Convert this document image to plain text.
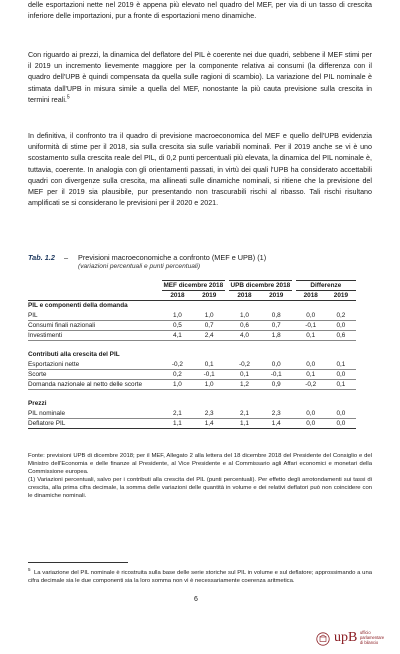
delle esportazioni nette nel 2019 è appena più elevato nel quadro del MEF, per via di un tasso di crescita inferiore delle importazioni, pur a fronte di esportazioni meno dinamiche.

Con riguardo ai prezzi, la dinamica del deflatore del PIL è coerente nei due quadri, sebbene il MEF stimi per il 2019 un incremento lievemente maggiore per la componente relativa ai consumi (la differenza con il quadro dell'UPB è quindi compensata da quella sulle ragioni di scambio). La variazione del PIL nominale è stimata dall'UPB in misura simile a quella del MEF, nonostante la più cauta previsione sulla crescita in termini reali.$^5$

In definitiva, il confronto tra il quadro di previsione macroeconomica del MEF e quello dell'UPB evidenzia uniformità di stime per il 2018, sia sulla crescita sia sulle variabili nominali. Per il 2019 anche se vi è uno scostamento sulla crescita reale del PIL, di 0,2 punti percentuali più elevata, la dinamica del PIL nominale è, tuttavia, coerente. In analogia con gli orientamenti passati, in virtù dei quali l'UPB ha considerato accettabili quadri con divergenze sulla crescita, ma allineati sulle dinamiche nominali, si ritiene che la previsione del MEF per il 2019 sia plausibile, pur presentando non trascurabili rischi al ribasso. Tali rischi risultano amplificati se si considerano le previsioni per il 2020 e 2021.

Tab. 1.2 – Previsioni macroeconomiche a confronto (MEF e UPB) (1)
(variazioni percentuali e punti percentuali)
	MEF dicembre 2018			UPB dicembre 2018			Differenze	
	2018	2019		2018	2019		2018	2019
PIL e componenti della domanda								
PIL	1,0	1,0		1,0	0,8		0,0	0,2
Consumi finali nazionali	0,5	0,7		0,6	0,7		-0,1	0,0
Investimenti	4,1	2,4		4,0	1,8		0,1	0,6

Contributi alla crescita del PIL								
Esportazioni nette	-0,2	0,1		-0,2	0,0		0,0	0,1
Scorte	0,2	-0,1		0,1	-0,1		0,1	0,0
Domanda nazionale al netto delle scorte	1,0	1,0		1,2	0,9		-0,2	0,1

Prezzi								
PIL nominale	2,1	2,3		2,1	2,3		0,0	0,0
Deflatore PIL	1,1	1,4		1,1	1,4		0,0	0,0

Fonte: previsioni UPB di dicembre 2018; per il MEF, Allegato 2 alla lettera del 18 dicembre 2018 del Presidente del Consiglio e del Ministro dell'Economia e delle finanze al Presidente, al Vice Presidente e al Commissario agli Affari economici e monetari della Commissione europea.

(1) Variazioni percentuali, salvo per i contributi alla crescita del PIL (punti percentuali). Per effetto degli arrotondamenti sui tassi di crescita, alla prima cifra decimale, la somma delle variazioni delle quantità in volume e dei relativi deflatori può non coincidere con le dinamiche nominali.

$^5$  La variazione del PIL nominale è ricostruita sulla base delle serie storiche sul PIL in volume e sul deflatore; approssimando a una cifra decimale sia le due componenti sia la loro somma non vi è necessariamente coerenza aritmetica.

6
upB ufficio
parlamentare
di bilancio
